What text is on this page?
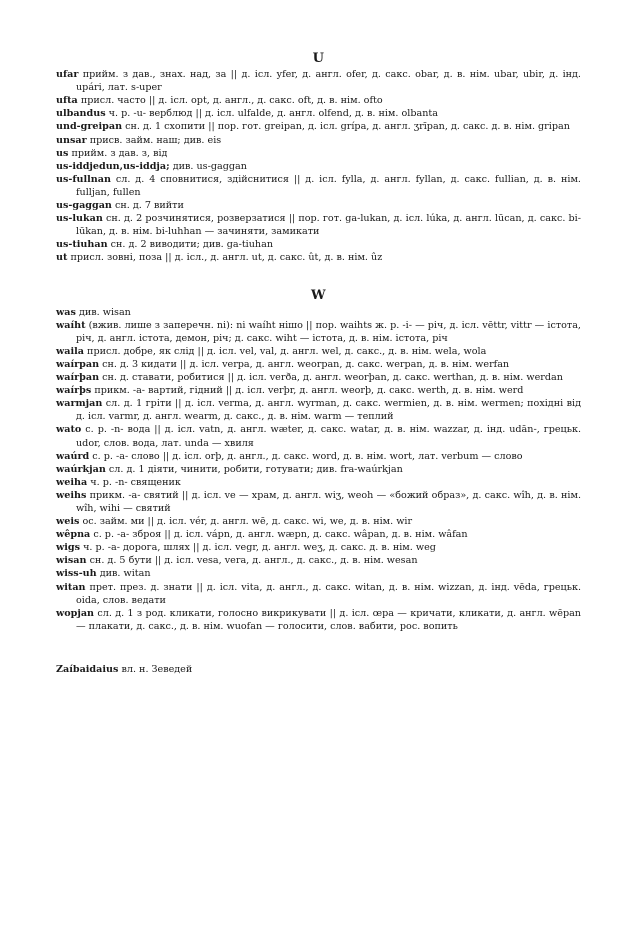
U

ufar прийм. з дав., знах. над, за || д. ісл. yfer, д. англ. ofer, д. сакс. obar, д. в. нім. ubar, ubir, д. інд. upári, лат. s-uper

ufta присл. часто || д. ісл. opt, д. англ., д. сакс. oft, д. в. нім. ofto

ulbandus ч. р. -u- верблюд || д. ісл. ulfalde, д. англ. olfend, д. в. нім. olbanta

und-greipan сн. д. 1 схопити || пор. гот. greipan, д. ісл. grípa, д. англ. ʒrīpan, д. сакс. д. в. нім. gripan

unsar присв. займ. наш; див. eis

us прийм. з дав. з, від

us-iddjedun,us-iddja; див. us-gaggan

us-fullnan сл. д. 4 сповнитися, здійснитися || д. ісл. fylla, д. англ. fyllan, д. сакс. fullian, д. в. нім. fulljan, fullen

us-gaggan сн. д. 7 вийти

us-lukan сн. д. 2 розчинятися, розверзатися || пор. гот. ga-lukan, д. ісл. lúka, д. англ. lūcan, д. сакс. bi-lūkan, д. в. нім. bi-luhhan — зачиняти, замикати

us-tiuhan сн. д. 2 виводити; див. ga-tiuhan

ut присл. зовні, поза || д. ісл., д. англ. ut, д. сакс. ût, д. в. нім. ûz

W

was див. wisan

waíht (вжив. лише з заперечн. ni): ni waíht нішо || пор. waihts ж. р. -i- — річ, д. ісл. vēttr, vittr — істота, річ, д. англ. істота, демон, річ; д. сакс. wiht — істота, д. в. нім. істота, річ

waila присл. добре, як слід || д. ісл. vel, val, д. англ. wel, д. сакс., д. в. нім. wela, wola

waírpan сн. д. 3 кидати || д. ісл. verpa, д. англ. weorpan, д. сакс. werpan, д. в. нім. werfan

waírþan сн. д. ставати, робитися || д. ісл. verða, д. англ. weorþan, д. сакс. werthan, д. в. нім. werdan

waírþs прикм. -a- вартий, гідний || д. ісл. verþr, д. англ. weorþ, д. сакс. werth, д. в. нім. werd

warmjan сл. д. 1 гріти || д. ісл. verma, д. англ. wyrman, д. сакс. wermien, д. в. нім. wermen; похідні від д. ісл. varmr, д. англ. wearm, д. сакс., д. в. нім. warm — теплий

wato с. р. -n- вода || д. ісл. vatn, д. англ. wæter, д. сакс. watar, д. в. нім. wazzar, д. інд. udān-, грецьк. udor, слов. вода, лат. unda — хвиля

waúrd с. р. -a- слово || д. ісл. orþ, д. англ., д. сакс. word, д. в. нім. wort, лат. verbum — слово

waúrkjan сл. д. 1 діяти, чинити, робити, готувати; див. fra-waúrkjan

weiha ч. р. -n- священик

weihs прикм. -a- святий || д. ісл. ve — храм, д. англ. wiʒ, weoh — «божий образ», д. сакс. wîh, д. в. нім. wîh, wihi — святий

weis ос. займ. ми || д. ісл. vér, д. англ. wē, д. сакс. wi, we, д. в. нім. wir

wêpna с. р. -a- зброя || д. ісл. vápn, д. англ. wæpn, д. сакс. wâpan, д. в. нім. wâfan

wigs ч. р. -a- дорога, шлях || д. ісл. vegr, д. англ. weʒ, д. сакс. д. в. нім. weg

wisan сн. д. 5 бути || д. ісл. vesa, vera, д. англ., д. сакс., д. в. нім. wesan

wiss-uh див. witan

witan прет. през. д. знати || д. ісл. vita, д. англ., д. сакс. witan, д. в. нім. wizzan, д. інд. vēda, грецьк. oida, слов. ведати

wopjan сл. д. 1 з род. кликати, голосно викрикувати || д. ісл. œpa — кричати, кликати, д. англ. wēpan — плакати, д. сакс., д. в. нім. wuofan — голосити, слов. вабити, рос. вопить

Zaíbaidaius вл. н. Зеведей
